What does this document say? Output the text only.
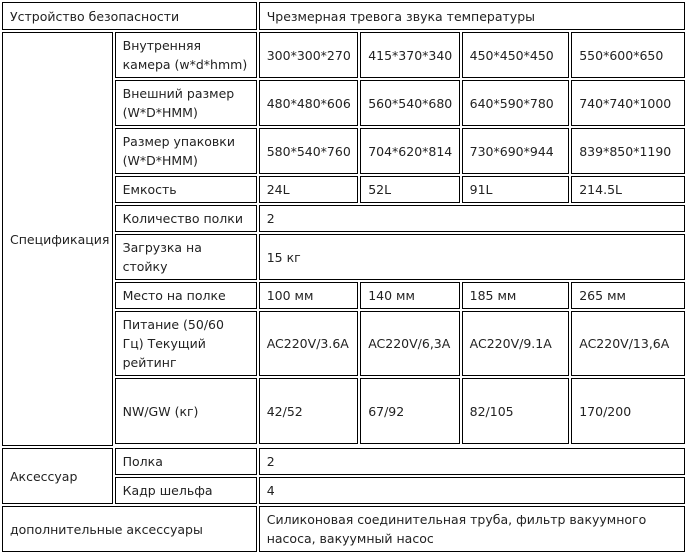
Устройство безопасности		Чрезмерная тревога звука температуры			
Спецификация	Внутренняя камера (w*d*hmm)	300*300*270	415*370*340	450*450*450	550*600*650
	Внешний размер (W*D*HMM)	480*480*606	560*540*680	640*590*780	740*740*1000
	Размер упаковки (W*D*HMM)	580*540*760	704*620*814	730*690*944	839*850*1190
	Емкость	24L	52L	91L	214.5L
	Количество полки	2			
	Загрузка на стойку	15 кг			
	Место на полке	100 мм	140 мм	185 мм	265 мм
	Питание (50/60 Гц) Текущий рейтинг	AC220V/3.6A	AC220V/6,3A	AC220V/9.1A	AC220V/13,6A
	NW/GW (кг)	42/52	67/92	82/105	170/200

Аксессуар	Полка	2			
	Кадр шельфа	4			
дополнительные аксессуары		Силиконовая соединительная труба, фильтр вакуумного насоса, вакуумный насос			
